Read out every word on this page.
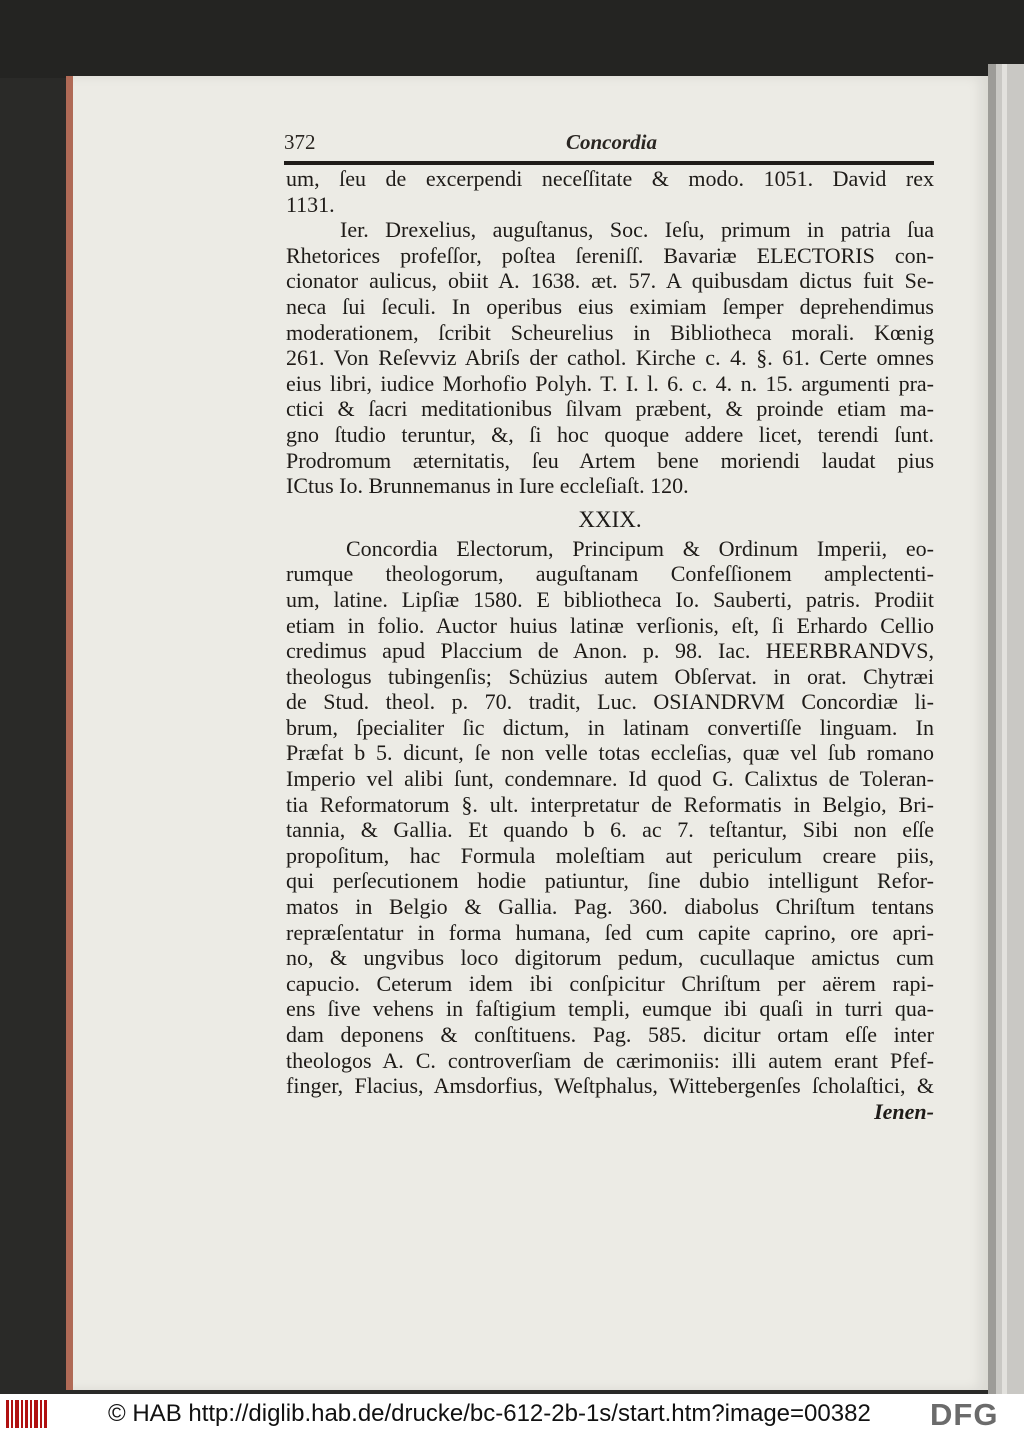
372	Concordia
um, ſeu de excerpendi neceſſitate & modo. 1051. David rex
1131.
Ier. Drexelius, auguſtanus, Soc. Ieſu, primum in patria ſua
Rhetorices profeſſor, poſtea ſereniſſ. Bavariæ ELECTORIS con-
cionator aulicus, obiit A. 1638. æt. 57. A quibusdam dictus fuit Se-
neca ſui ſeculi. In operibus eius eximiam ſemper deprehendimus
moderationem, ſcribit Scheurelius in Bibliotheca morali. Kœnig
261. Von Reſevviz Abriſs der cathol. Kirche c. 4. §. 61. Certe omnes
eius libri, iudice Morhofio Polyh. T. I. l. 6. c. 4. n. 15. argumenti pra-
ctici & ſacri meditationibus ſilvam præbent, & proinde etiam ma-
gno ſtudio teruntur, &, ſi hoc quoque addere licet, terendi ſunt.
Prodromum æternitatis, ſeu Artem bene moriendi laudat pius
ICtus Io. Brunnemanus in Iure eccleſiaſt. 120.
XXIX.
Concordia Electorum, Principum & Ordinum Imperii, eo-
rumque theologorum, auguſtanam Confeſſionem amplectenti-
um, latine. Lipſiæ 1580. E bibliotheca Io. Sauberti, patris. Prodiit
etiam in folio. Auctor huius latinæ verſionis, eſt, ſi Erhardo Cellio
credimus apud Placcium de Anon. p. 98. Iac. HEERBRANDVS,
theologus tubingenſis; Schüzius autem Obſervat. in orat. Chytræi
de Stud. theol. p. 70. tradit, Luc. OSIANDRVM Concordiæ li-
brum, ſpecialiter ſic dictum, in latinam convertiſſe linguam. In
Præfat b 5. dicunt, ſe non velle totas eccleſias, quæ vel ſub romano
Imperio vel alibi ſunt, condemnare. Id quod G. Calixtus de Toleran-
tia Reformatorum §. ult. interpretatur de Reformatis in Belgio, Bri-
tannia, & Gallia. Et quando b 6. ac 7. teſtantur, Sibi non eſſe
propoſitum, hac Formula moleſtiam aut periculum creare piis,
qui perſecutionem hodie patiuntur, ſine dubio intelligunt Refor-
matos in Belgio & Gallia. Pag. 360. diabolus Chriſtum tentans
repræſentatur in forma humana, ſed cum capite caprino, ore apri-
no, & ungvibus loco digitorum pedum, cucullaque amictus cum
capucio. Ceterum idem ibi conſpicitur Chriſtum per aërem rapi-
ens ſive vehens in faſtigium templi, eumque ibi quaſi in turri qua-
dam deponens & conſtituens. Pag. 585. dicitur ortam eſſe inter
theologos A. C. controverſiam de cærimoniis: illi autem erant Pfef-
finger, Flacius, Amsdorfius, Weſtphalus, Wittebergenſes ſcholaſtici, &
Ienen-
© HAB http://diglib.hab.de/drucke/bc-612-2b-1s/start.htm?image=00382 DFG
